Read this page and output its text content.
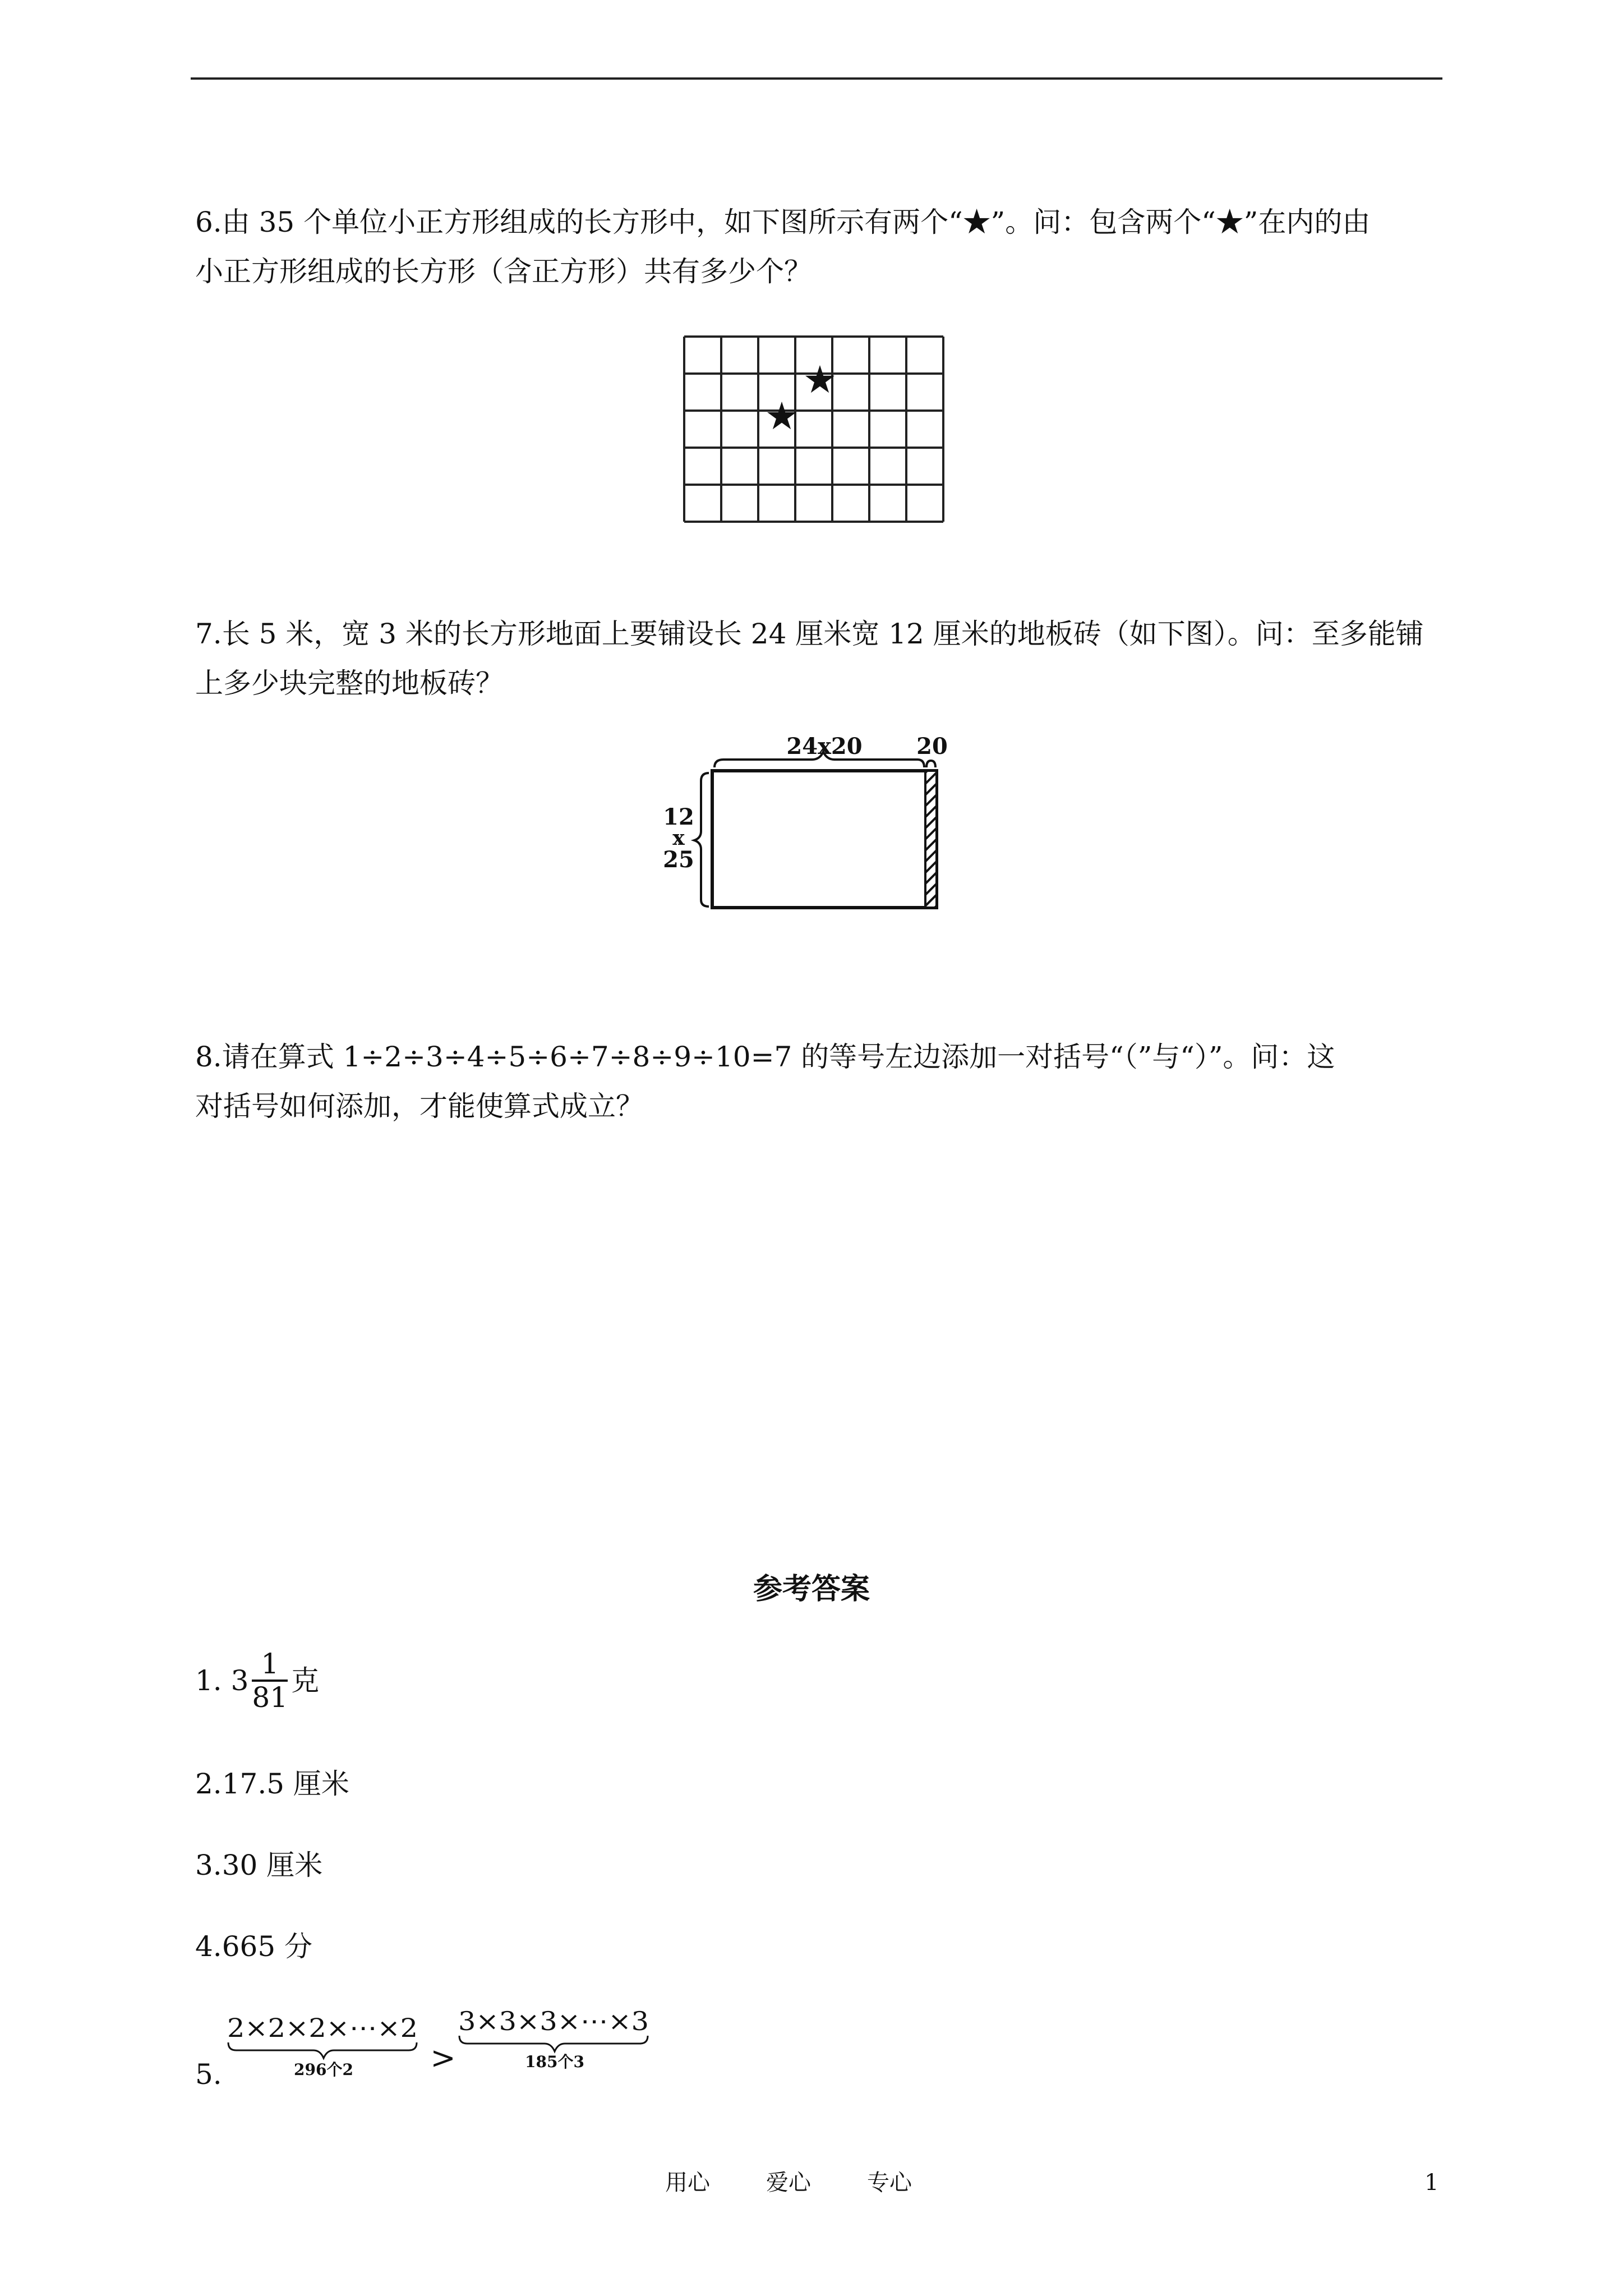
6.由 35 个单位小正方形组成的长方形中，如下图所示有两个“★”。问：包含两个“★”在内的由
小正方形组成的长方形（含正方形）共有多少个？
★
★
7.长 5 米，宽 3 米的长方形地面上要铺设长 24 厘米宽 12 厘米的地板砖（如下图）。问：至多能铺
上多少块完整的地板砖？
24x20 20
12
x
25
8.请在算式 1÷2÷3÷4÷5÷6÷7÷8÷9÷10=7 的等号左边添加一对括号“（”与“）”。问：这
对括号如何添加，才能使算式成立？
参考答案
1. $3 \frac{1}{81}$ 克
2.17.5 厘米
3.30 厘米
4.665 分
5.
2×2×2×⋯×2
296个2	>
3×3×3×⋯×3
185个3
用心	爱心	专心	1
